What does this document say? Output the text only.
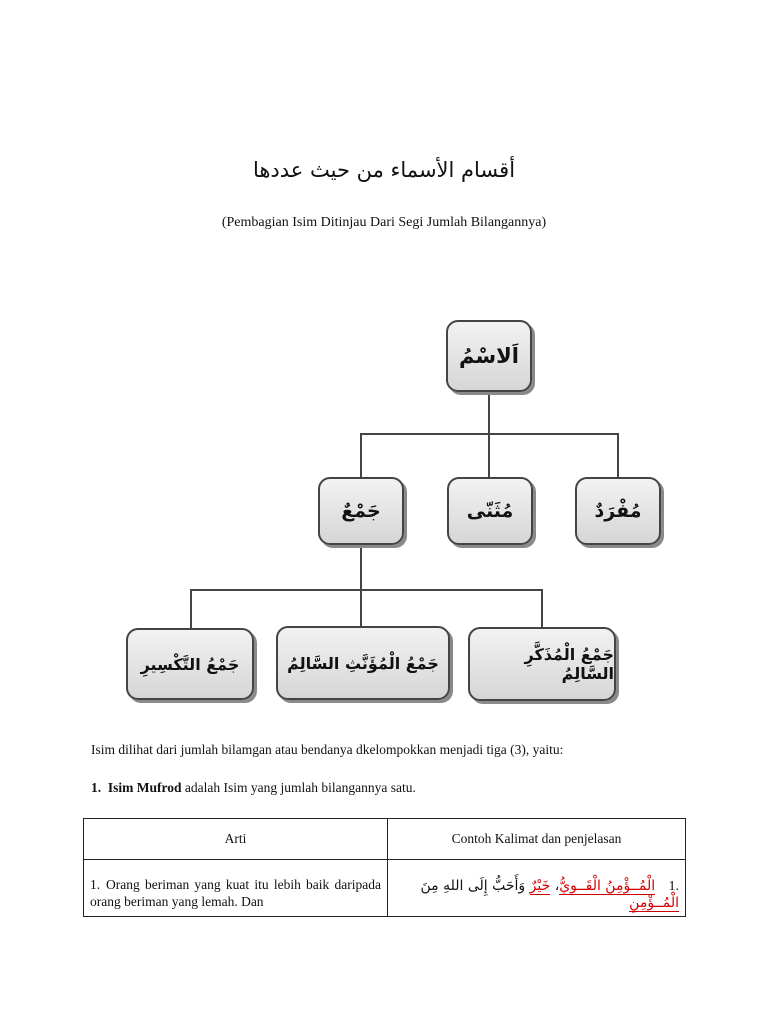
أقسام الأسماء من حيث عددها
(Pembagian Isim Ditinjau Dari Segi Jumlah Bilangannya)
اَلاسْمُ
جَمْعٌ	مُثَنّى	مُفْرَدٌ
جَمْعُ التَّكْسِيرِ	جَمْعُ الْمُؤَنَّثِ السَّالِمُ	جَمْعُ الْمُذَكَّرِ السَّالِمُ
Isim dilihat dari jumlah bilamgan atau bendanya dkelompokkan menjadi tiga (3), yaitu:
1. Isim Mufrod adalah Isim yang jumlah bilangannya satu.
Arti	Contoh Kalimat dan penjelasan

1. Orang beriman yang kuat itu lebih baik daripada orang beriman yang lemah. Dan	.1   الْمُــؤْمِنُ الْقَــوِيُّ، خَيْرٌ وَأَحَبُّ إِلَى اللهِ مِنَ الْمُــؤْمِنِ
